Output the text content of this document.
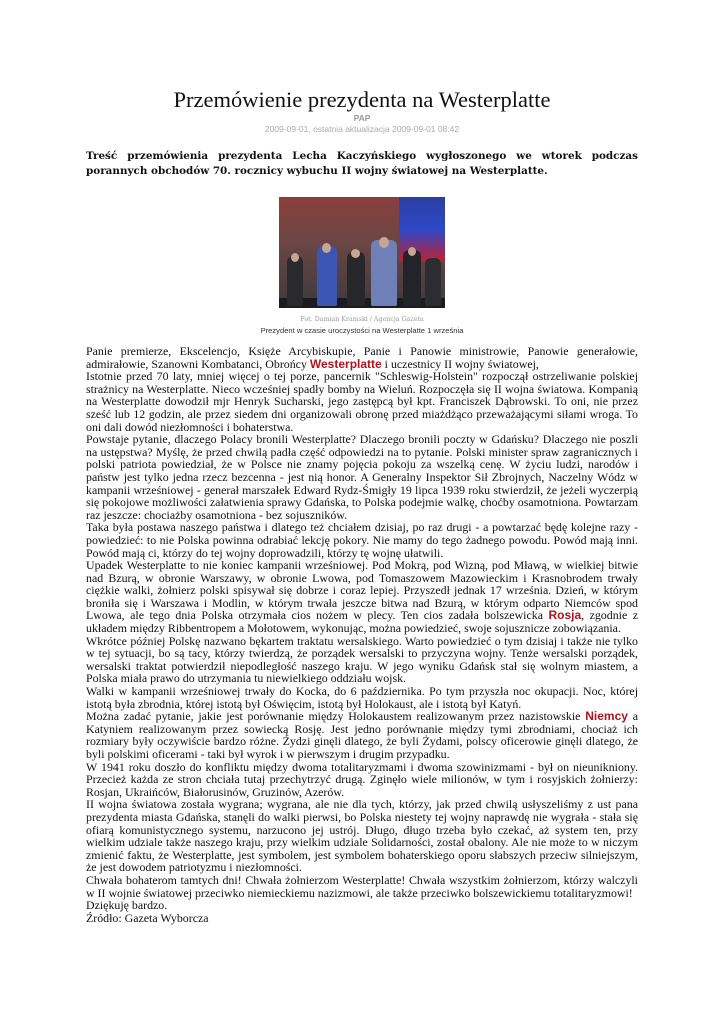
Przemówienie prezydenta na Westerplatte
PAP
2009-09-01, ostatnia aktualizacja 2009-09-01 08:42
Treść przemówienia prezydenta Lecha Kaczyńskiego wygłoszonego we wtorek podczas porannych obchodów 70. rocznicy wybuchu II wojny światowej na Westerplatte.
Fot. Damian Kramski / Agencja Gazeta
Prezydent w czasie uroczystości na Westerplatte 1 września

Panie premierze, Ekscelencjo, Księże Arcybiskupie, Panie i Panowie ministrowie, Panowie generałowie, admirałowie, Szanowni Kombatanci, Obrońcy Westerplatte i uczestnicy II wojny światowej,

Istotnie przed 70 laty, mniej więcej o tej porze, pancernik "Schleswig-Holstein" rozpoczął ostrzeliwanie polskiej strażnicy na Westerplatte. Nieco wcześniej spadły bomby na Wieluń. Rozpoczęła się II wojna światowa. Kompanią na Westerplatte dowodził mjr Henryk Sucharski, jego zastępcą był kpt. Franciszek Dąbrowski. To oni, nie przez sześć lub 12 godzin, ale przez siedem dni organizowali obronę przed miażdżąco przeważającymi siłami wroga. To oni dali dowód niezłomności i bohaterstwa.

Powstaje pytanie, dlaczego Polacy bronili Westerplatte? Dlaczego bronili poczty w Gdańsku? Dlaczego nie poszli na ustępstwa? Myślę, że przed chwilą padła część odpowiedzi na to pytanie. Polski minister spraw zagranicznych i polski patriota powiedział, że w Polsce nie znamy pojęcia pokoju za wszelką cenę. W życiu ludzi, narodów i państw jest tylko jedna rzecz bezcenna - jest nią honor. A Generalny Inspektor Sił Zbrojnych, Naczelny Wódz w kampanii wrześniowej - generał marszałek Edward Rydz-Śmigły 19 lipca 1939 roku stwierdził, że jeżeli wyczerpią się pokojowe możliwości załatwienia sprawy Gdańska, to Polska podejmie walkę, choćby osamotniona. Powtarzam raz jeszcze: chociażby osamotniona - bez sojuszników.

Taka była postawa naszego państwa i dlatego też chciałem dzisiaj, po raz drugi - a powtarzać będę kolejne razy - powiedzieć: to nie Polska powinna odrabiać lekcję pokory. Nie mamy do tego żadnego powodu. Powód mają inni. Powód mają ci, którzy do tej wojny doprowadzili, którzy tę wojnę ułatwili.

Upadek Westerplatte to nie koniec kampanii wrześniowej. Pod Mokrą, pod Wizną, pod Mławą, w wielkiej bitwie nad Bzurą, w obronie Warszawy, w obronie Lwowa, pod Tomaszowem Mazowieckim i Krasnobrodem trwały ciężkie walki, żołnierz polski spisywał się dobrze i coraz lepiej. Przyszedł jednak 17 września. Dzień, w którym broniła się i Warszawa i Modlin, w którym trwała jeszcze bitwa nad Bzurą, w którym odparto Niemców spod Lwowa, ale tego dnia Polska otrzymała cios nożem w plecy. Ten cios zadała bolszewicka Rosja, zgodnie z układem między Ribbentropem a Mołotowem, wykonując, można powiedzieć, swoje sojusznicze zobowiązania.

Wkrótce później Polskę nazwano bękartem traktatu wersalskiego. Warto powiedzieć o tym dzisiaj i także nie tylko w tej sytuacji, bo są tacy, którzy twierdzą, że porządek wersalski to przyczyna wojny. Tenże wersalski porządek, wersalski traktat potwierdził niepodległość naszego kraju. W jego wyniku Gdańsk stał się wolnym miastem, a Polska miała prawo do utrzymania tu niewielkiego oddziału wojsk.

Walki w kampanii wrześniowej trwały do Kocka, do 6 października. Po tym przyszła noc okupacji. Noc, której istotą była zbrodnia, której istotą był Oświęcim, istotą był Holokaust, ale i istotą był Katyń.

Można zadać pytanie, jakie jest porównanie między Holokaustem realizowanym przez nazistowskie Niemcy a Katyniem realizowanym przez sowiecką Rosję. Jest jedno porównanie między tymi zbrodniami, chociaż ich rozmiary były oczywiście bardzo różne. Żydzi ginęli dlatego, że byli Żydami, polscy oficerowie ginęli dlatego, że byli polskimi oficerami - taki był wyrok i w pierwszym i drugim przypadku.

W 1941 roku doszło do konfliktu między dwoma totalitaryzmami i dwoma szowinizmami - był on nieunikniony. Przecież każda ze stron chciała tutaj przechytrzyć drugą. Zginęło wiele milionów, w tym i rosyjskich żołnierzy: Rosjan, Ukraińców, Białorusinów, Gruzinów, Azerów.

II wojna światowa została wygrana; wygrana, ale nie dla tych, którzy, jak przed chwilą usłyszeliśmy z ust pana prezydenta miasta Gdańska, stanęli do walki pierwsi, bo Polska niestety tej wojny naprawdę nie wygrała - stała się ofiarą komunistycznego systemu, narzucono jej ustrój. Długo, długo trzeba było czekać, aż system ten, przy wielkim udziale także naszego kraju, przy wielkim udziale Solidarności, został obalony. Ale nie może to w niczym zmienić faktu, że Westerplatte, jest symbolem, jest symbolem bohaterskiego oporu słabszych przeciw silniejszym, że jest dowodem patriotyzmu i niezłomności.

Chwała bohaterom tamtych dni! Chwała żołnierzom Westerplatte! Chwała wszystkim żołnierzom, którzy walczyli w II wojnie światowej przeciwko niemieckiemu nazizmowi, ale także przeciwko bolszewickiemu totalitaryzmowi!

Dziękuję bardzo.

Źródło: Gazeta Wyborcza
